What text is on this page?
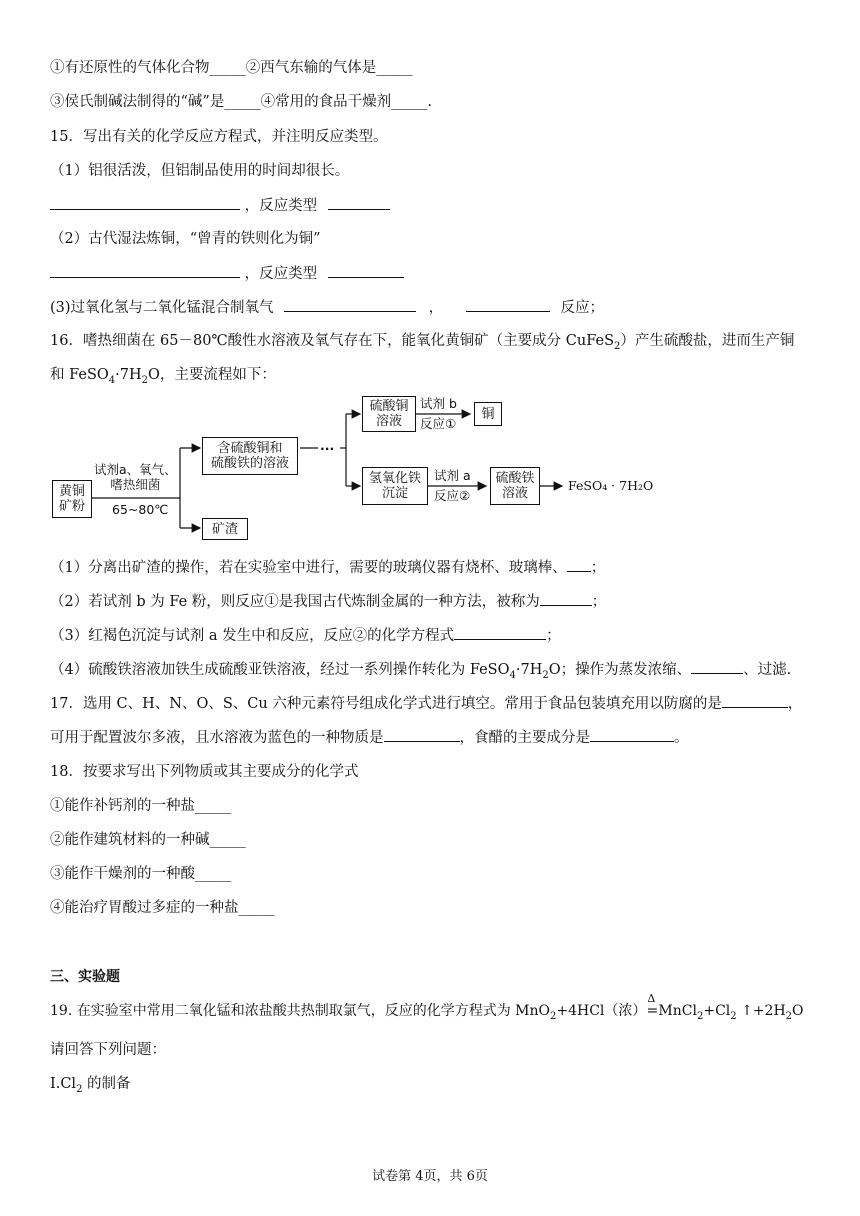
①有还原性的气体化合物_____②西气东输的气体是_____
③侯氏制碱法制得的“碱”是_____④常用的食品干燥剂_____.
15．写出有关的化学反应方程式，并注明反应类型。
（1）铝很活泼，但铝制品使用的时间却很长。
，反应类型
（2）古代湿法炼铜，“曾青的铁则化为铜”
，反应类型
(3)过氧化氢与二氧化锰混合制氧气	，	反应；
16．嗜热细菌在 65－80℃酸性水溶液及氧气存在下，能氧化黄铜矿（主要成分 CuFeS$_2$）产生硫酸盐，进而生产铜
和 $FeSO_4\cdot 7H_2O$，主要流程如下：
黄铜
矿粉
试剂a、氧气、
嗜热细菌
65~80℃
含硫酸铜和
硫酸铁的溶液
···
矿渣
硫酸铜
溶液
试剂 b
反应①
铜
氢氧化铁
沉淀
试剂 a
反应②
硫酸铁
溶液
FeSO₄ · 7H₂O
（1）分离出矿渣的操作，若在实验室中进行，需要的玻璃仪器有烧杯、玻璃棒、 ；
（2）若试剂 b 为 Fe 粉，则反应①是我国古代炼制金属的一种方法，被称为	；
（3）红褐色沉淀与试剂 a 发生中和反应，反应②的化学方程式	；
（4）硫酸铁溶液加铁生成硫酸亚铁溶液，经过一系列操作转化为 $FeSO_4\cdot 7H_2O$；操作为蒸发浓缩、	、过滤.
17．选用 C、H、N、O、S、Cu 六种元素符号组成化学式进行填空。常用于食品包装填充用以防腐的是	，
可用于配置波尔多液，且水溶液为蓝色的一种物质是	，食醋的主要成分是	。
18．按要求写出下列物质或其主要成分的化学式
①能作补钙剂的一种盐_____
②能作建筑材料的一种碱_____
③能作干燥剂的一种酸_____
④能治疗胃酸过多症的一种盐_____
三、实验题
19. 在实验室中常用二氧化锰和浓盐酸共热制取氯气，反应的化学方程式为 MnO$_2$+4HCl（浓）
Δ
$=MnCl_2+Cl_2$ $↑+2H_2O$
请回答下列问题：
$I.Cl_2$ 的制备
试卷第 4页，共 6页
